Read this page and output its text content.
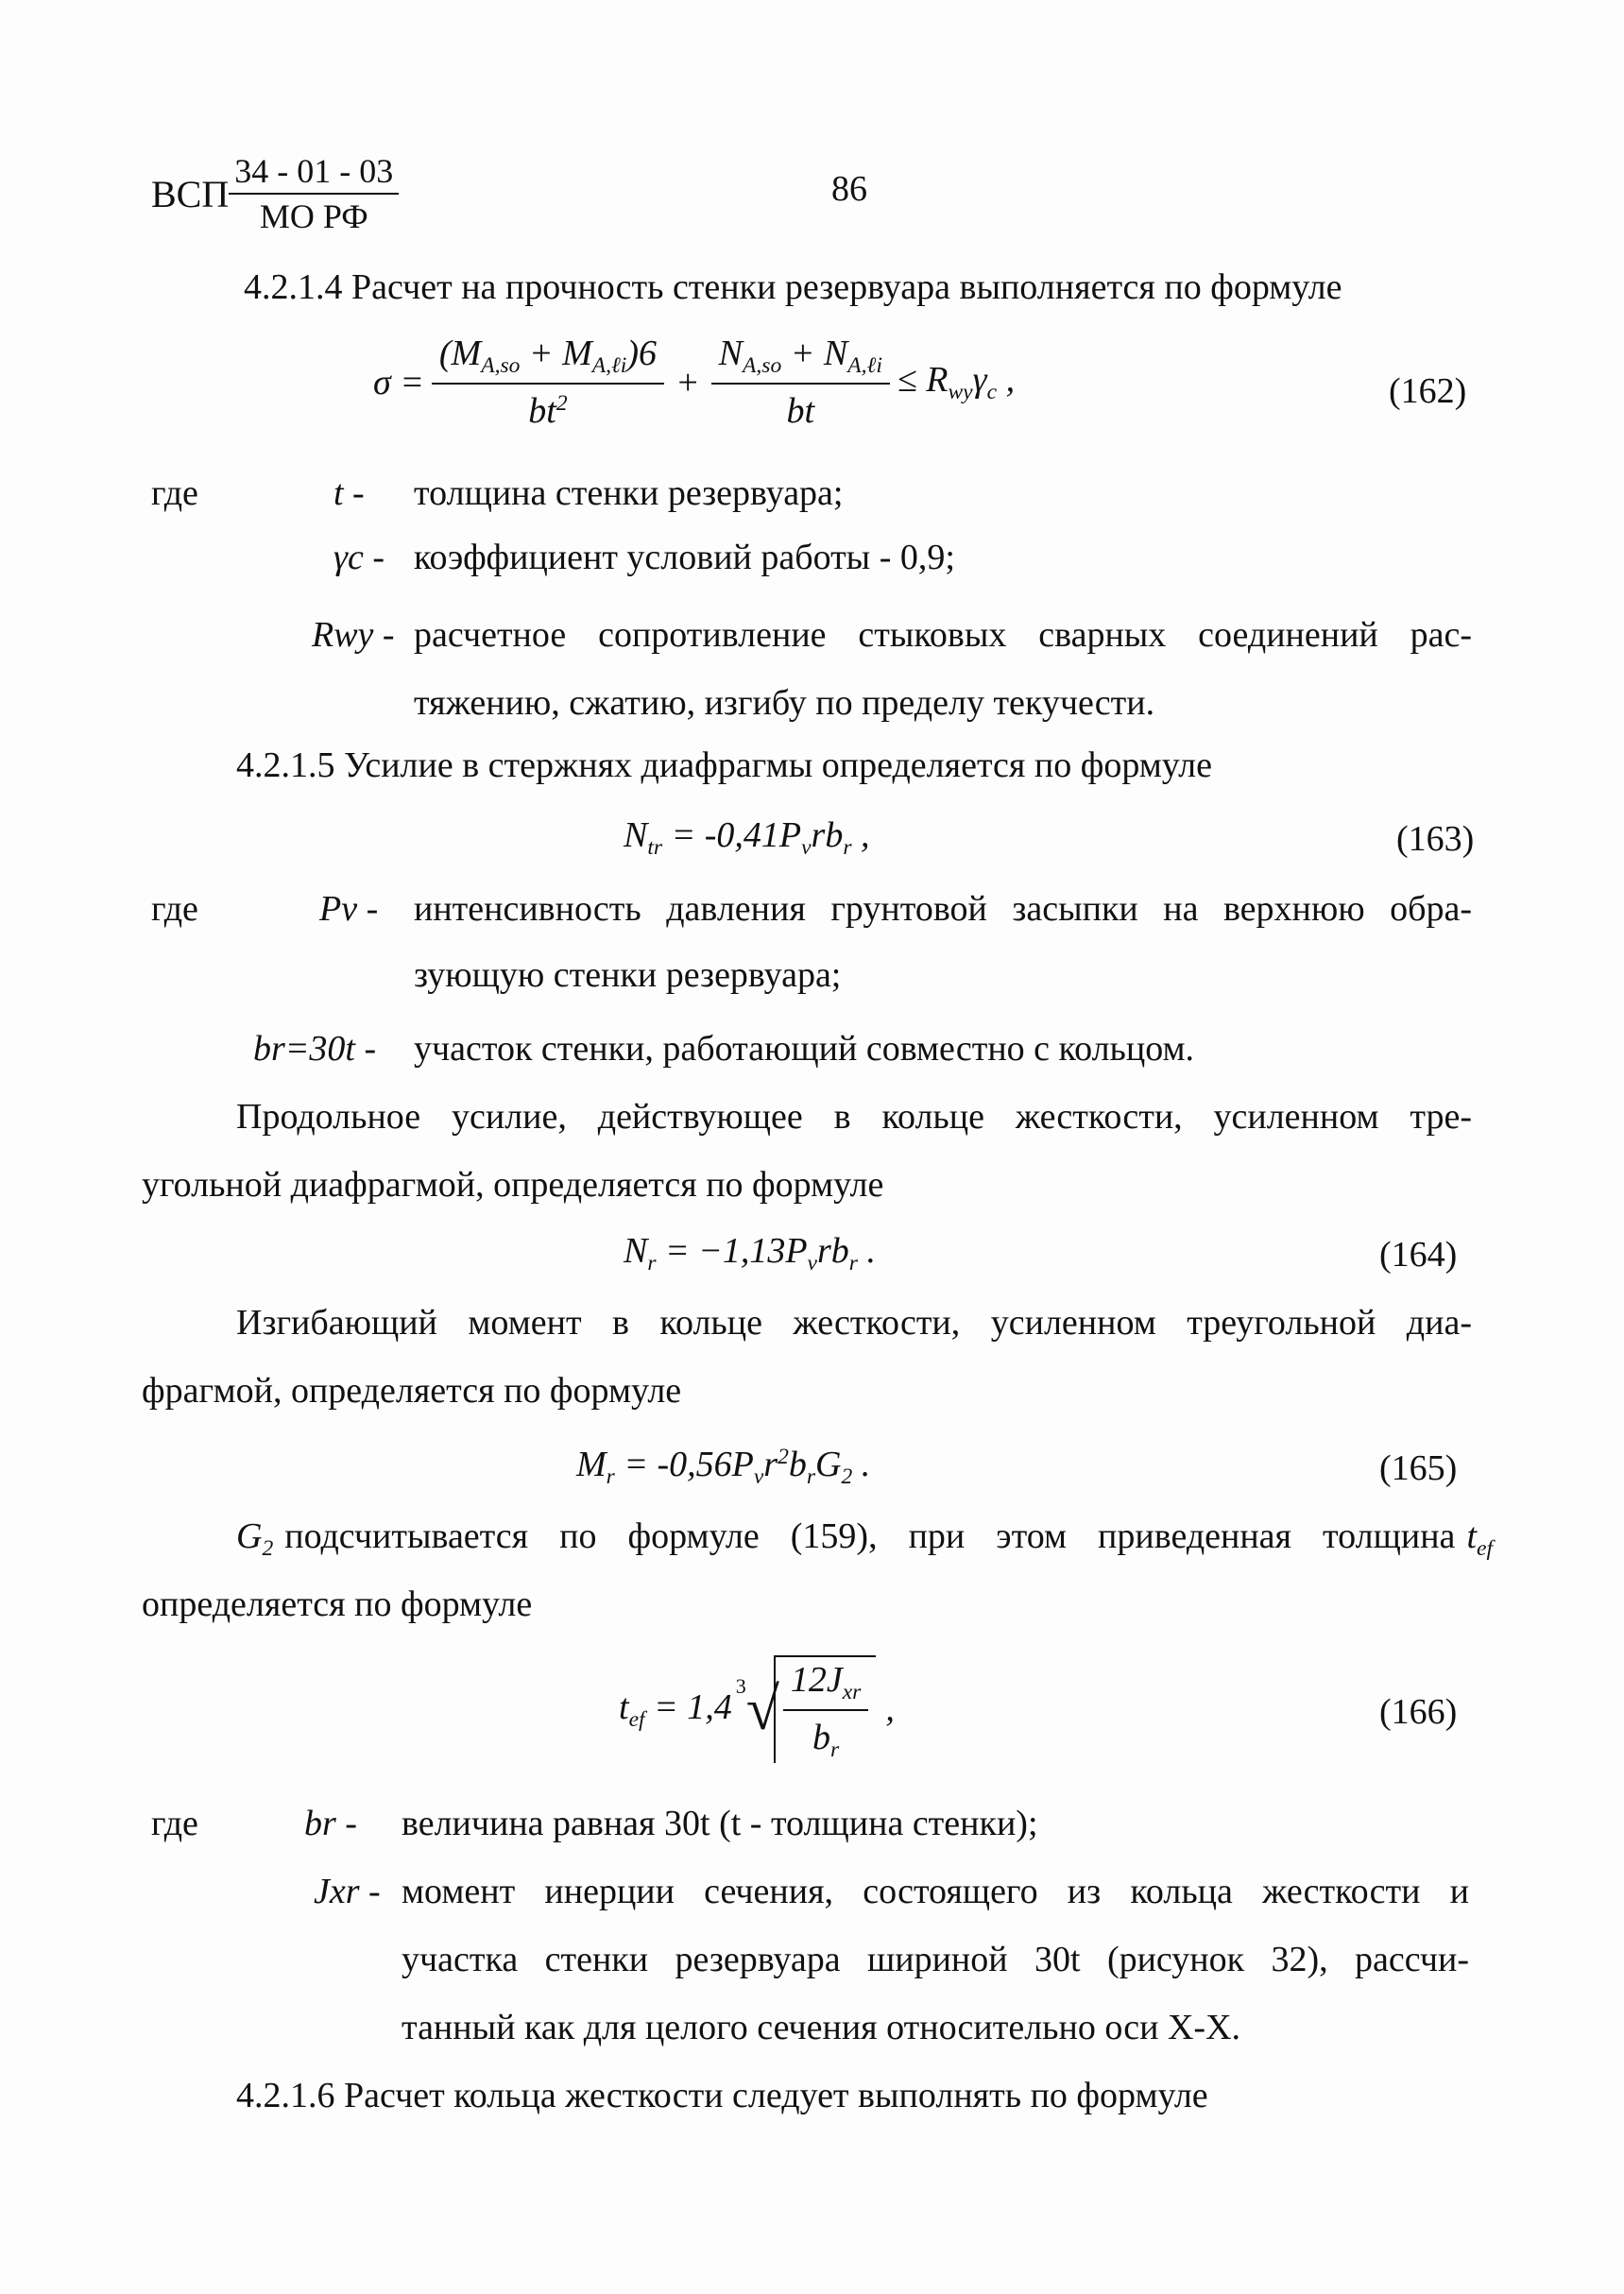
ВСП $\frac{34 - 01 - 03}{\text{МО РФ}}$	86
4.2.1.4 Расчет на прочность стенки резервуара выполняется по формуле
$\sigma = \frac{(M_{A,so} + M_{A,\ell i})6}{bt^2} + \frac{N_{A,so} + N_{A,\ell i}}{bt} \le R_{wy}\gamma_c$ ,	(162)
где	t - толщина стенки резервуара;
γc - коэффициент условий работы - 0,9;
Rwy - расчетное сопротивление стыковых сварных соединений рас-
тяжению, сжатию, изгибу по пределу текучести.
4.2.1.5 Усилие в стержнях диафрагмы определяется по формуле
$N_{tr} = -0,41P_vrb_r$ ,	(163)
где	Pv - интенсивность давления грунтовой засыпки на верхнюю обра-
зующую стенки резервуара;
br=30t - участок стенки, работающий совместно с кольцом.
Продольное усилие, действующее в кольце жесткости, усиленном тре-
угольной диафрагмой, определяется по формуле
$N_r = -1,13P_vrb_r$ .	(164)
Изгибающий момент в кольце жесткости, усиленном треугольной диа-
фрагмой, определяется по формуле
$M_r = -0,56P_vr^2b_rG_2$ .	(165)
$G_2$ подсчитывается по формуле (159), при этом приведенная толщина $t_{ef}$
определяется по формуле
$t_{ef} = 1,4$
3 √ $\frac{12J_{xr}}{b_r}$ ,	(166)
где	br - величина равная 30t (t - толщина стенки);
Jxr - момент инерции сечения, состоящего из кольца жесткости и
участка стенки резервуара шириной 30t (рисунок 32), рассчи-
танный как для целого сечения относительно оси X-X.
4.2.1.6 Расчет кольца жесткости следует выполнять по формуле
